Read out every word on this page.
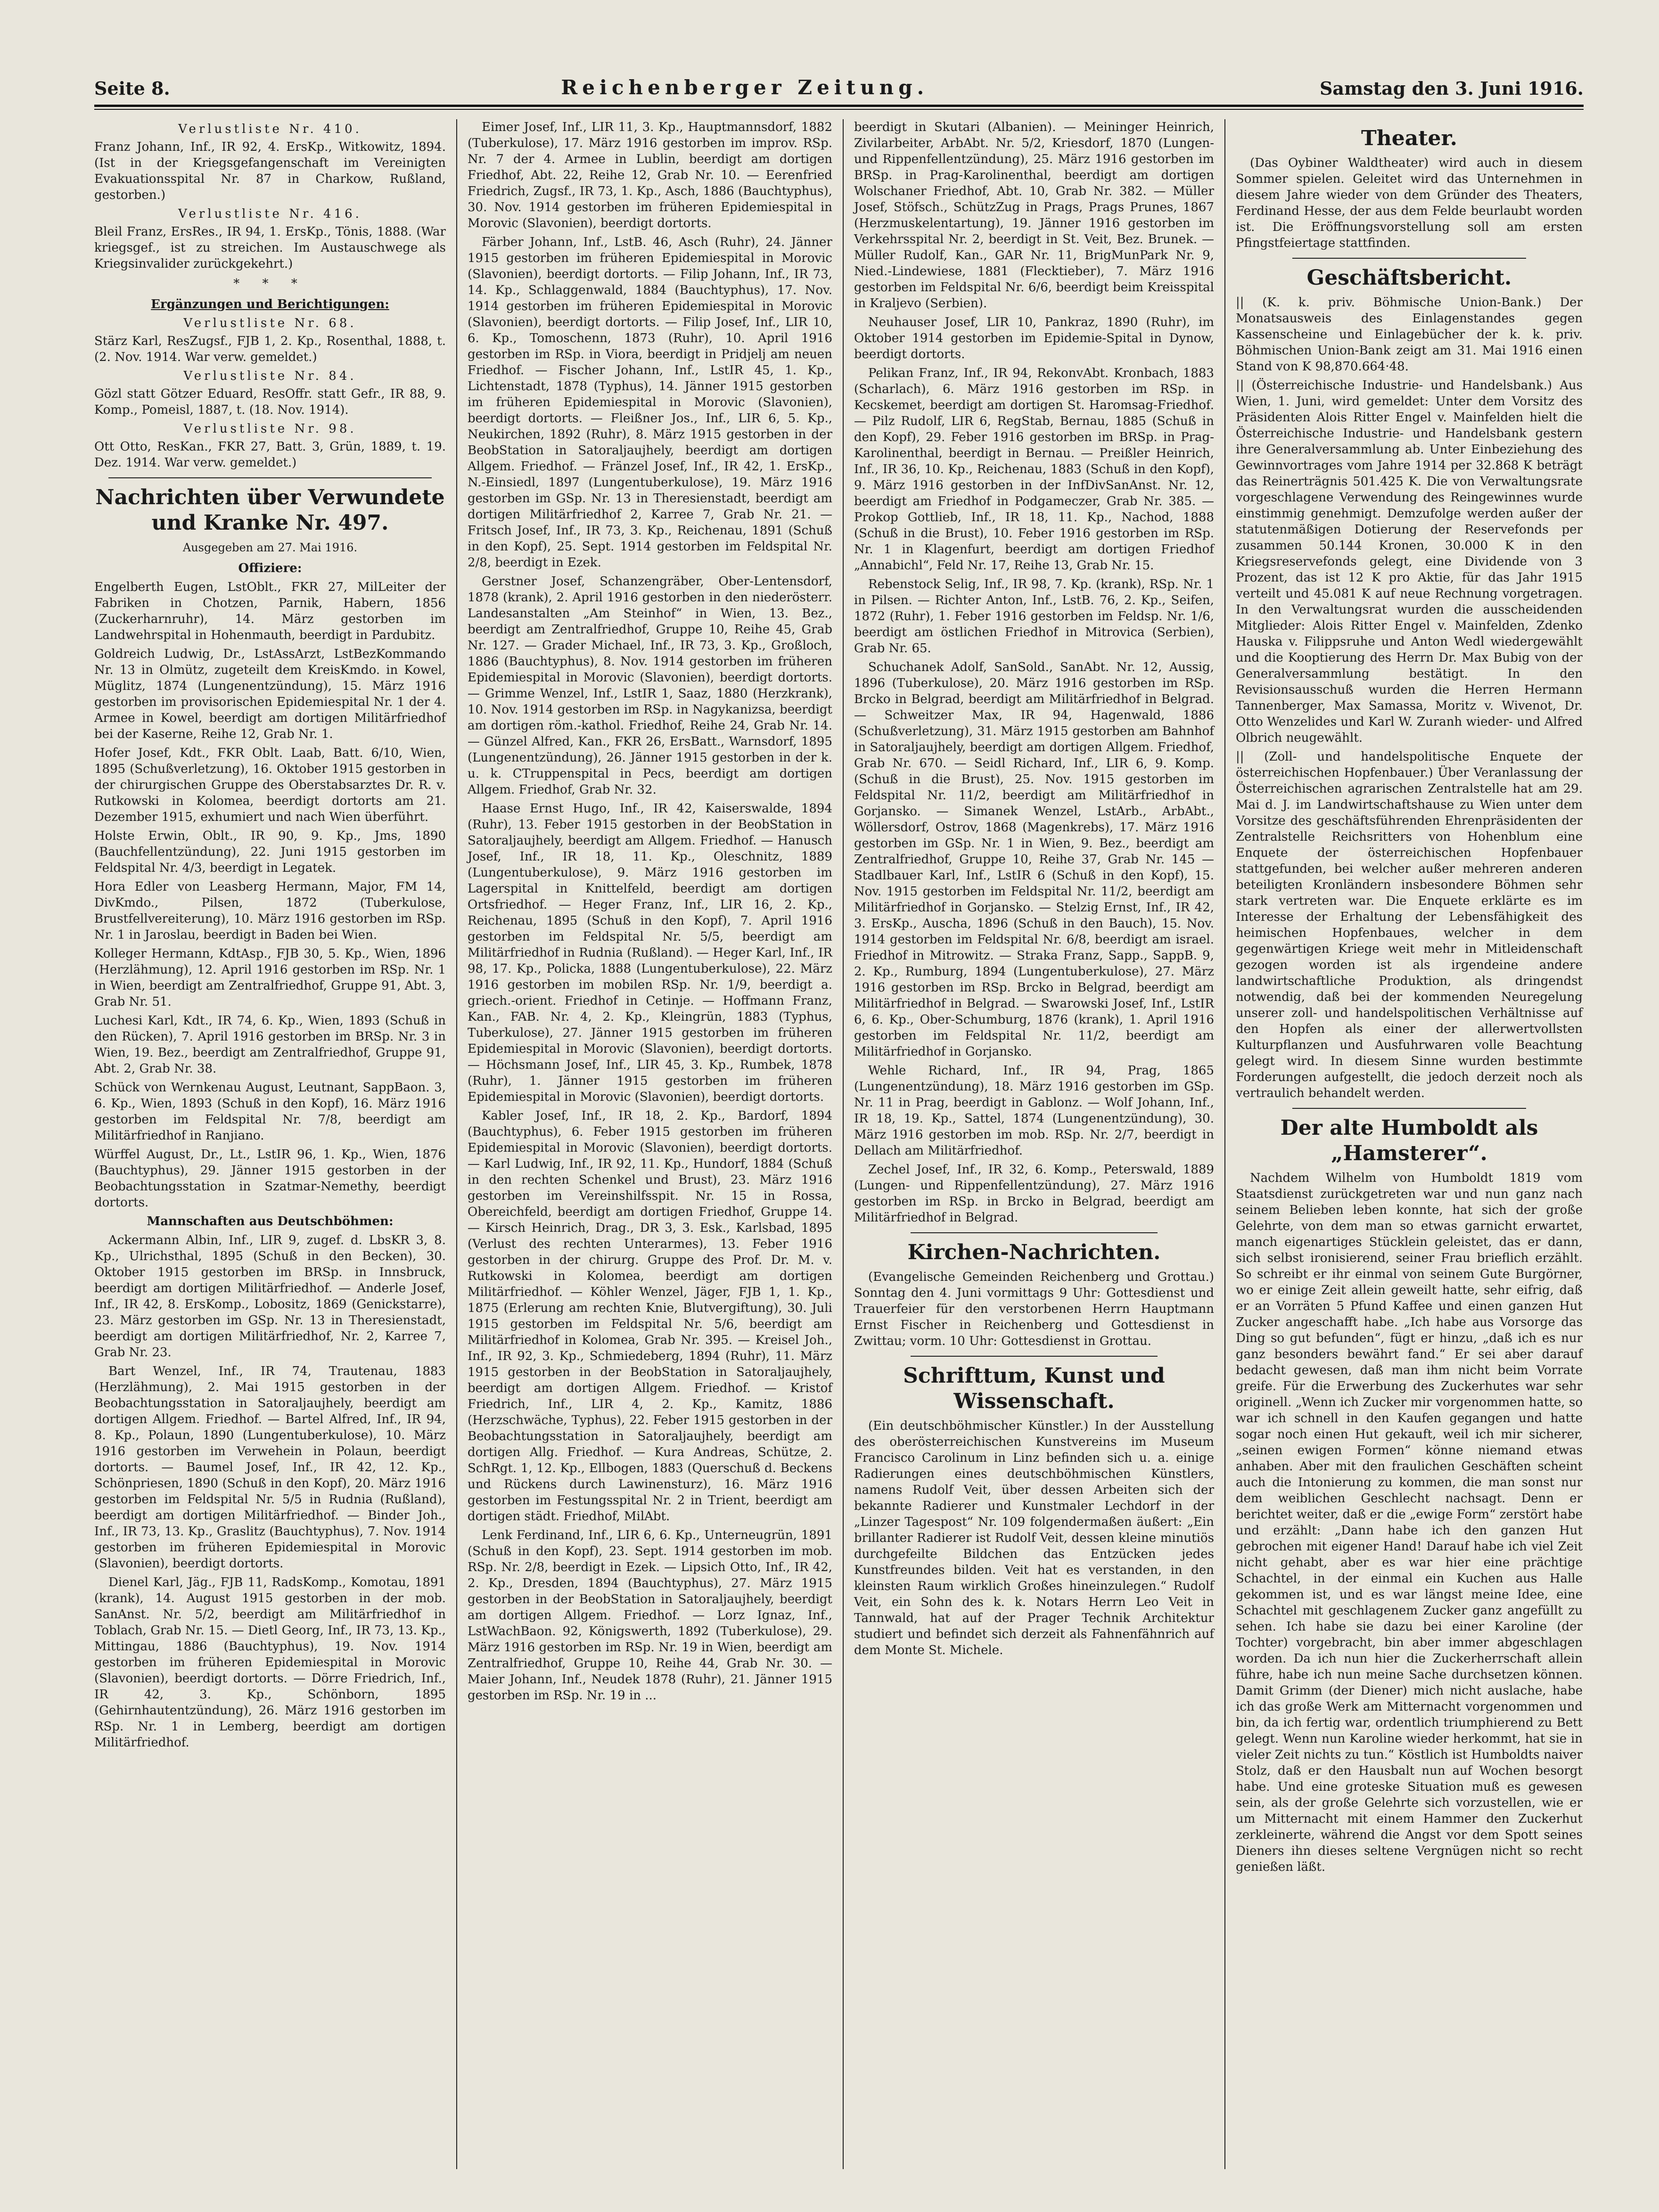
Seite 8.	Reichenberger Zeitung.	Samstag den 3. Juni 1916.

Verlustliste Nr. 410.

Franz Johann, Inf., IR 92, 4. ErsKp., Witkowitz, 1894. (Ist in der Kriegsgefangenschaft im Vereinigten Evakuationsspital Nr. 87 in Charkow, Rußland, gestorben.)

Verlustliste Nr. 416.

Bleil Franz, ErsRes., IR 94, 1. ErsKp., Tönis, 1888. (War kriegsgef., ist zu streichen. Im Austauschwege als Kriegsinvalider zurückgekehrt.)

* * *

Ergänzungen und Berichtigungen:

Verlustliste Nr. 68.

Stärz Karl, ResZugsf., FJB 1, 2. Kp., Rosenthal, 1888, t. (2. Nov. 1914. War verw. gemeldet.)

Verlustliste Nr. 84.

Gözl statt Götzer Eduard, ResOffr. statt Gefr., IR 88, 9. Komp., Pomeisl, 1887, t. (18. Nov. 1914).

Verlustliste Nr. 98.

Ott Otto, ResKan., FKR 27, Batt. 3, Grün, 1889, t. 19. Dez. 1914. War verw. gemeldet.)

Nachrichten über Verwundete und Kranke Nr. 497.

Ausgegeben am 27. Mai 1916.

Offiziere:

Engelberth Eugen, LstOblt., FKR 27, MilLeiter der Fabriken in Chotzen, Parnik, Habern, 1856 (Zuckerharnruhr), 14. März gestorben im Landwehrspital in Hohenmauth, beerdigt in Pardubitz.

Goldreich Ludwig, Dr., LstAssArzt, LstBezKommando Nr. 13 in Olmütz, zugeteilt dem KreisKmdo. in Kowel, Müglitz, 1874 (Lungenentzündung), 15. März 1916 gestorben im provisorischen Epidemiespital Nr. 1 der 4. Armee in Kowel, beerdigt am dortigen Militärfriedhof bei der Kaserne, Reihe 12, Grab Nr. 1.

Hofer Josef, Kdt., FKR Oblt. Laab, Batt. 6/10, Wien, 1895 (Schußverletzung), 16. Oktober 1915 gestorben in der chirurgischen Gruppe des Oberstabsarztes Dr. R. v. Rutkowski in Kolomea, beerdigt dortorts am 21. Dezember 1915, exhumiert und nach Wien überführt.

Holste Erwin, Oblt., IR 90, 9. Kp., Jms, 1890 (Bauchfellentzündung), 22. Juni 1915 gestorben im Feldspital Nr. 4/3, beerdigt in Legatek.

Hora Edler von Leasberg Hermann, Major, FM 14, DivKmdo., Pilsen, 1872 (Tuberkulose, Brustfellvereiterung), 10. März 1916 gestorben im RSp. Nr. 1 in Jaroslau, beerdigt in Baden bei Wien.

Kolleger Hermann, KdtAsp., FJB 30, 5. Kp., Wien, 1896 (Herzlähmung), 12. April 1916 gestorben im RSp. Nr. 1 in Wien, beerdigt am Zentralfriedhof, Gruppe 91, Abt. 3, Grab Nr. 51.

Luchesi Karl, Kdt., IR 74, 6. Kp., Wien, 1893 (Schuß in den Rücken), 7. April 1916 gestorben im BRSp. Nr. 3 in Wien, 19. Bez., beerdigt am Zentralfriedhof, Gruppe 91, Abt. 2, Grab Nr. 38.

Schück von Wernkenau August, Leutnant, SappBaon. 3, 6. Kp., Wien, 1893 (Schuß in den Kopf), 16. März 1916 gestorben im Feldspital Nr. 7/8, beerdigt am Militärfriedhof in Ranjiano.

Würffel August, Dr., Lt., LstIR 96, 1. Kp., Wien, 1876 (Bauchtyphus), 29. Jänner 1915 gestorben in der Beobachtungsstation in Szatmar-Nemethy, beerdigt dortorts.

Mannschaften aus Deutschböhmen:

Ackermann Albin, Inf., LIR 9, zugef. d. LbsKR 3, 8. Kp., Ulrichsthal, 1895 (Schuß in den Becken), 30. Oktober 1915 gestorben im BRSp. in Innsbruck, beerdigt am dortigen Militärfriedhof. — Anderle Josef, Inf., IR 42, 8. ErsKomp., Lobositz, 1869 (Genickstarre), 23. März gestorben im GSp. Nr. 13 in Theresienstadt, beerdigt am dortigen Militärfriedhof, Nr. 2, Karree 7, Grab Nr. 23.

Bart Wenzel, Inf., IR 74, Trautenau, 1883 (Herzlähmung), 2. Mai 1915 gestorben in der Beobachtungsstation in Satoraljaujhely, beerdigt am dortigen Allgem. Friedhof. — Bartel Alfred, Inf., IR 94, 8. Kp., Polaun, 1890 (Lungentuberkulose), 10. März 1916 gestorben im Verwehein in Polaun, beerdigt dortorts. — Baumel Josef, Inf., IR 42, 12. Kp., Schönpriesen, 1890 (Schuß in den Kopf), 20. März 1916 gestorben im Feldspital Nr. 5/5 in Rudnia (Rußland), beerdigt am dortigen Militärfriedhof. — Binder Joh., Inf., IR 73, 13. Kp., Graslitz (Bauchtyphus), 7. Nov. 1914 gestorben im früheren Epidemiespital in Morovic (Slavonien), beerdigt dortorts.

Dienel Karl, Jäg., FJB 11, RadsKomp., Komotau, 1891 (krank), 14. August 1915 gestorben in der mob. SanAnst. Nr. 5/2, beerdigt am Militärfriedhof in Toblach, Grab Nr. 15. — Dietl Georg, Inf., IR 73, 13. Kp., Mittingau, 1886 (Bauchtyphus), 19. Nov. 1914 gestorben im früheren Epidemiespital in Morovic (Slavonien), beerdigt dortorts. — Dörre Friedrich, Inf., IR 42, 3. Kp., Schönborn, 1895 (Gehirnhautentzündung), 26. März 1916 gestorben im RSp. Nr. 1 in Lemberg, beerdigt am dortigen Militärfriedhof.

Eimer Josef, Inf., LIR 11, 3. Kp., Hauptmannsdorf, 1882 (Tuberkulose), 17. März 1916 gestorben im improv. RSp. Nr. 7 der 4. Armee in Lublin, beerdigt am dortigen Friedhof, Abt. 22, Reihe 12, Grab Nr. 10. — Eerenfried Friedrich, Zugsf., IR 73, 1. Kp., Asch, 1886 (Bauchtyphus), 30. Nov. 1914 gestorben im früheren Epidemiespital in Morovic (Slavonien), beerdigt dortorts.

Färber Johann, Inf., LstB. 46, Asch (Ruhr), 24. Jänner 1915 gestorben im früheren Epidemiespital in Morovic (Slavonien), beerdigt dortorts. — Filip Johann, Inf., IR 73, 14. Kp., Schlaggenwald, 1884 (Bauchtyphus), 17. Nov. 1914 gestorben im früheren Epidemiespital in Morovic (Slavonien), beerdigt dortorts. — Filip Josef, Inf., LIR 10, 6. Kp., Tomoschenn, 1873 (Ruhr), 10. April 1916 gestorben im RSp. in Viora, beerdigt in Pridjelj am neuen Friedhof. — Fischer Johann, Inf., LstIR 45, 1. Kp., Lichtenstadt, 1878 (Typhus), 14. Jänner 1915 gestorben im früheren Epidemiespital in Morovic (Slavonien), beerdigt dortorts. — Fleißner Jos., Inf., LIR 6, 5. Kp., Neukirchen, 1892 (Ruhr), 8. März 1915 gestorben in der BeobStation in Satoraljaujhely, beerdigt am dortigen Allgem. Friedhof. — Fränzel Josef, Inf., IR 42, 1. ErsKp., N.-Einsiedl, 1897 (Lungentuberkulose), 19. März 1916 gestorben im GSp. Nr. 13 in Theresienstadt, beerdigt am dortigen Militärfriedhof 2, Karree 7, Grab Nr. 21. — Fritsch Josef, Inf., IR 73, 3. Kp., Reichenau, 1891 (Schuß in den Kopf), 25. Sept. 1914 gestorben im Feldspital Nr. 2/8, beerdigt in Ezek.

Gerstner Josef, Schanzengräber, Ober-Lentensdorf, 1878 (krank), 2. April 1916 gestorben in den niederösterr. Landesanstalten „Am Steinhof“ in Wien, 13. Bez., beerdigt am Zentralfriedhof, Gruppe 10, Reihe 45, Grab Nr. 127. — Grader Michael, Inf., IR 73, 3. Kp., Großloch, 1886 (Bauchtyphus), 8. Nov. 1914 gestorben im früheren Epidemiespital in Morovic (Slavonien), beerdigt dortorts. — Grimme Wenzel, Inf., LstIR 1, Saaz, 1880 (Herzkrank), 10. Nov. 1914 gestorben im RSp. in Nagykanizsa, beerdigt am dortigen röm.-kathol. Friedhof, Reihe 24, Grab Nr. 14. — Günzel Alfred, Kan., FKR 26, ErsBatt., Warnsdorf, 1895 (Lungenentzündung), 26. Jänner 1915 gestorben in der k. u. k. CTruppenspital in Pecs, beerdigt am dortigen Allgem. Friedhof, Grab Nr. 32.

Haase Ernst Hugo, Inf., IR 42, Kaiserswalde, 1894 (Ruhr), 13. Feber 1915 gestorben in der BeobStation in Satoraljaujhely, beerdigt am Allgem. Friedhof. — Hanusch Josef, Inf., IR 18, 11. Kp., Oleschnitz, 1889 (Lungentuberkulose), 9. März 1916 gestorben im Lagerspital in Knittelfeld, beerdigt am dortigen Ortsfriedhof. — Heger Franz, Inf., LIR 16, 2. Kp., Reichenau, 1895 (Schuß in den Kopf), 7. April 1916 gestorben im Feldspital Nr. 5/5, beerdigt am Militärfriedhof in Rudnia (Rußland). — Heger Karl, Inf., IR 98, 17. Kp., Policka, 1888 (Lungentuberkulose), 22. März 1916 gestorben im mobilen RSp. Nr. 1/9, beerdigt a. griech.-orient. Friedhof in Cetinje. — Hoffmann Franz, Kan., FAB. Nr. 4, 2. Kp., Kleingrün, 1883 (Typhus, Tuberkulose), 27. Jänner 1915 gestorben im früheren Epidemiespital in Morovic (Slavonien), beerdigt dortorts. — Höchsmann Josef, Inf., LIR 45, 3. Kp., Rumbek, 1878 (Ruhr), 1. Jänner 1915 gestorben im früheren Epidemiespital in Morovic (Slavonien), beerdigt dortorts.

Kabler Josef, Inf., IR 18, 2. Kp., Bardorf, 1894 (Bauchtyphus), 6. Feber 1915 gestorben im früheren Epidemiespital in Morovic (Slavonien), beerdigt dortorts. — Karl Ludwig, Inf., IR 92, 11. Kp., Hundorf, 1884 (Schuß in den rechten Schenkel und Brust), 23. März 1916 gestorben im Vereinshilfsspit. Nr. 15 in Rossa, Obereichfeld, beerdigt am dortigen Friedhof, Gruppe 14. — Kirsch Heinrich, Drag., DR 3, 3. Esk., Karlsbad, 1895 (Verlust des rechten Unterarmes), 13. Feber 1916 gestorben in der chirurg. Gruppe des Prof. Dr. M. v. Rutkowski in Kolomea, beerdigt am dortigen Militärfriedhof. — Köhler Wenzel, Jäger, FJB 1, 1. Kp., 1875 (Erlerung am rechten Knie, Blutvergiftung), 30. Juli 1915 gestorben im Feldspital Nr. 5/6, beerdigt am Militärfriedhof in Kolomea, Grab Nr. 395. — Kreisel Joh., Inf., IR 92, 3. Kp., Schmiedeberg, 1894 (Ruhr), 11. März 1915 gestorben in der BeobStation in Satoraljaujhely, beerdigt am dortigen Allgem. Friedhof. — Kristof Friedrich, Inf., LIR 4, 2. Kp., Kamitz, 1886 (Herzschwäche, Typhus), 22. Feber 1915 gestorben in der Beobachtungsstation in Satoraljaujhely, beerdigt am dortigen Allg. Friedhof. — Kura Andreas, Schütze, 2. SchRgt. 1, 12. Kp., Ellbogen, 1883 (Querschuß d. Beckens und Rückens durch Lawinensturz), 16. März 1916 gestorben im Festungsspital Nr. 2 in Trient, beerdigt am dortigen städt. Friedhof, MilAbt.

Lenk Ferdinand, Inf., LIR 6, 6. Kp., Unterneugrün, 1891 (Schuß in den Kopf), 23. Sept. 1914 gestorben im mob. RSp. Nr. 2/8, beerdigt in Ezek. — Lipsich Otto, Inf., IR 42, 2. Kp., Dresden, 1894 (Bauchtyphus), 27. März 1915 gestorben in der BeobStation in Satoraljaujhely, beerdigt am dortigen Allgem. Friedhof. — Lorz Ignaz, Inf., LstWachBaon. 92, Königswerth, 1892 (Tuberkulose), 29. März 1916 gestorben im RSp. Nr. 19 in Wien, beerdigt am Zentralfriedhof, Gruppe 10, Reihe 44, Grab Nr. 30. — Maier Johann, Inf., Neudek 1878 (Ruhr), 21. Jänner 1915 gestorben im RSp. Nr. 19 in ...

beerdigt in Skutari (Albanien). — Meininger Heinrich, Zivilarbeiter, ArbAbt. Nr. 5/2, Kriesdorf, 1870 (Lungen- und Rippenfellentzündung), 25. März 1916 gestorben im BRSp. in Prag-Karolinenthal, beerdigt am dortigen Wolschaner Friedhof, Abt. 10, Grab Nr. 382. — Müller Josef, Stöfsch., SchützZug in Prags, Prags Prunes, 1867 (Herzmuskelentartung), 19. Jänner 1916 gestorben im Verkehrsspital Nr. 2, beerdigt in St. Veit, Bez. Brunek. — Müller Rudolf, Kan., GAR Nr. 11, BrigMunPark Nr. 9, Nied.-Lindewiese, 1881 (Flecktieber), 7. März 1916 gestorben im Feldspital Nr. 6/6, beerdigt beim Kreisspital in Kraljevo (Serbien).

Neuhauser Josef, LIR 10, Pankraz, 1890 (Ruhr), im Oktober 1914 gestorben im Epidemie-Spital in Dynow, beerdigt dortorts.

Pelikan Franz, Inf., IR 94, RekonvAbt. Kronbach, 1883 (Scharlach), 6. März 1916 gestorben im RSp. in Kecskemet, beerdigt am dortigen St. Haromsag-Friedhof. — Pilz Rudolf, LIR 6, RegStab, Bernau, 1885 (Schuß in den Kopf), 29. Feber 1916 gestorben im BRSp. in Prag-Karolinenthal, beerdigt in Bernau. — Preißler Heinrich, Inf., IR 36, 10. Kp., Reichenau, 1883 (Schuß in den Kopf), 9. März 1916 gestorben in der InfDivSanAnst. Nr. 12, beerdigt am Friedhof in Podgameczer, Grab Nr. 385. — Prokop Gottlieb, Inf., IR 18, 11. Kp., Nachod, 1888 (Schuß in die Brust), 10. Feber 1916 gestorben im RSp. Nr. 1 in Klagenfurt, beerdigt am dortigen Friedhof „Annabichl“, Feld Nr. 17, Reihe 13, Grab Nr. 15.

Rebenstock Selig, Inf., IR 98, 7. Kp. (krank), RSp. Nr. 1 in Pilsen. — Richter Anton, Inf., LstB. 76, 2. Kp., Seifen, 1872 (Ruhr), 1. Feber 1916 gestorben im Feldsp. Nr. 1/6, beerdigt am östlichen Friedhof in Mitrovica (Serbien), Grab Nr. 65.

Schuchanek Adolf, SanSold., SanAbt. Nr. 12, Aussig, 1896 (Tuberkulose), 20. März 1916 gestorben im RSp. Brcko in Belgrad, beerdigt am Militärfriedhof in Belgrad. — Schweitzer Max, IR 94, Hagenwald, 1886 (Schußverletzung), 31. März 1915 gestorben am Bahnhof in Satoraljaujhely, beerdigt am dortigen Allgem. Friedhof, Grab Nr. 670. — Seidl Richard, Inf., LIR 6, 9. Komp. (Schuß in die Brust), 25. Nov. 1915 gestorben im Feldspital Nr. 11/2, beerdigt am Militärfriedhof in Gorjansko. — Simanek Wenzel, LstArb., ArbAbt., Wöllersdorf, Ostrov, 1868 (Magenkrebs), 17. März 1916 gestorben im GSp. Nr. 1 in Wien, 9. Bez., beerdigt am Zentralfriedhof, Gruppe 10, Reihe 37, Grab Nr. 145 — Stadlbauer Karl, Inf., LstIR 6 (Schuß in den Kopf), 15. Nov. 1915 gestorben im Feldspital Nr. 11/2, beerdigt am Militärfriedhof in Gorjansko. — Stelzig Ernst, Inf., IR 42, 3. ErsKp., Auscha, 1896 (Schuß in den Bauch), 15. Nov. 1914 gestorben im Feldspital Nr. 6/8, beerdigt am israel. Friedhof in Mitrowitz. — Straka Franz, Sapp., SappB. 9, 2. Kp., Rumburg, 1894 (Lungentuberkulose), 27. März 1916 gestorben im RSp. Brcko in Belgrad, beerdigt am Militärfriedhof in Belgrad. — Swarowski Josef, Inf., LstIR 6, 6. Kp., Ober-Schumburg, 1876 (krank), 1. April 1916 gestorben im Feldspital Nr. 11/2, beerdigt am Militärfriedhof in Gorjansko.

Wehle Richard, Inf., IR 94, Prag, 1865 (Lungenentzündung), 18. März 1916 gestorben im GSp. Nr. 11 in Prag, beerdigt in Gablonz. — Wolf Johann, Inf., IR 18, 19. Kp., Sattel, 1874 (Lungenentzündung), 30. März 1916 gestorben im mob. RSp. Nr. 2/7, beerdigt in Dellach am Militärfriedhof.

Zechel Josef, Inf., IR 32, 6. Komp., Peterswald, 1889 (Lungen- und Rippenfellentzündung), 27. März 1916 gestorben im RSp. in Brcko in Belgrad, beerdigt am Militärfriedhof in Belgrad.

Kirchen-Nachrichten.

(Evangelische Gemeinden Reichenberg und Grottau.) Sonntag den 4. Juni vormittags 9 Uhr: Gottesdienst und Trauerfeier für den verstorbenen Herrn Hauptmann Ernst Fischer in Reichenberg und Gottesdienst in Zwittau; vorm. 10 Uhr: Gottesdienst in Grottau.

Schrifttum, Kunst und Wissenschaft.

(Ein deutschböhmischer Künstler.) In der Ausstellung des oberösterreichischen Kunstvereins im Museum Francisco Carolinum in Linz befinden sich u. a. einige Radierungen eines deutschböhmischen Künstlers, namens Rudolf Veit, über dessen Arbeiten sich der bekannte Radierer und Kunstmaler Lechdorf in der „Linzer Tagespost“ Nr. 109 folgendermaßen äußert: „Ein brillanter Radierer ist Rudolf Veit, dessen kleine minutiös durchgefeilte Bildchen das Entzücken jedes Kunstfreundes bilden. Veit hat es verstanden, in den kleinsten Raum wirklich Großes hineinzulegen.“ Rudolf Veit, ein Sohn des k. k. Notars Herrn Leo Veit in Tannwald, hat auf der Prager Technik Architektur studiert und befindet sich derzeit als Fahnenfähnrich auf dem Monte St. Michele.

Theater.

(Das Oybiner Waldtheater) wird auch in diesem Sommer spielen. Geleitet wird das Unternehmen in diesem Jahre wieder von dem Gründer des Theaters, Ferdinand Hesse, der aus dem Felde beurlaubt worden ist. Die Eröffnungsvorstellung soll am ersten Pfingstfeiertage stattfinden.

Geschäftsbericht.

|| (K. k. priv. Böhmische Union-Bank.) Der Monatsausweis des Einlagenstandes gegen Kassenscheine und Einlagebücher der k. k. priv. Böhmischen Union-Bank zeigt am 31. Mai 1916 einen Stand von K 98,870.664·48.

|| (Österreichische Industrie- und Handelsbank.) Aus Wien, 1. Juni, wird gemeldet: Unter dem Vorsitz des Präsidenten Alois Ritter Engel v. Mainfelden hielt die Österreichische Industrie- und Handelsbank gestern ihre Generalversammlung ab. Unter Einbeziehung des Gewinnvortrages vom Jahre 1914 per 32.868 K beträgt das Reinerträgnis 501.425 K. Die von Verwaltungsrate vorgeschlagene Verwendung des Reingewinnes wurde einstimmig genehmigt. Demzufolge werden außer der statutenmäßigen Dotierung der Reservefonds per zusammen 50.144 Kronen, 30.000 K in den Kriegsreservefonds gelegt, eine Dividende von 3 Prozent, das ist 12 K pro Aktie, für das Jahr 1915 verteilt und 45.081 K auf neue Rechnung vorgetragen. In den Verwaltungsrat wurden die ausscheidenden Mitglieder: Alois Ritter Engel v. Mainfelden, Zdenko Hauska v. Filippsruhe und Anton Wedl wiedergewählt und die Kooptierung des Herrn Dr. Max Bubig von der Generalversammlung bestätigt. In den Revisionsausschuß wurden die Herren Hermann Tannenberger, Max Samassa, Moritz v. Wivenot, Dr. Otto Wenzelides und Karl W. Zuranh wieder- und Alfred Olbrich neugewählt.

|| (Zoll- und handelspolitische Enquete der österreichischen Hopfenbauer.) Über Veranlassung der Österreichischen agrarischen Zentralstelle hat am 29. Mai d. J. im Landwirtschaftshause zu Wien unter dem Vorsitze des geschäftsführenden Ehrenpräsidenten der Zentralstelle Reichsritters von Hohenblum eine Enquete der österreichischen Hopfenbauer stattgefunden, bei welcher außer mehreren anderen beteiligten Kronländern insbesondere Böhmen sehr stark vertreten war. Die Enquete erklärte es im Interesse der Erhaltung der Lebensfähigkeit des heimischen Hopfenbaues, welcher in dem gegenwärtigen Kriege weit mehr in Mitleidenschaft gezogen worden ist als irgendeine andere landwirtschaftliche Produktion, als dringendst notwendig, daß bei der kommenden Neuregelung unserer zoll- und handelspolitischen Verhältnisse auf den Hopfen als einer der allerwertvollsten Kulturpflanzen und Ausfuhrwaren volle Beachtung gelegt wird. In diesem Sinne wurden bestimmte Forderungen aufgestellt, die jedoch derzeit noch als vertraulich behandelt werden.

Der alte Humboldt als „Hamsterer“.

Nachdem Wilhelm von Humboldt 1819 vom Staatsdienst zurückgetreten war und nun ganz nach seinem Belieben leben konnte, hat sich der große Gelehrte, von dem man so etwas garnicht erwartet, manch eigenartiges Stücklein geleistet, das er dann, sich selbst ironisierend, seiner Frau brieflich erzählt. So schreibt er ihr einmal von seinem Gute Burgörner, wo er einige Zeit allein geweilt hatte, sehr eifrig, daß er an Vorräten 5 Pfund Kaffee und einen ganzen Hut Zucker angeschafft habe. „Ich habe aus Vorsorge das Ding so gut befunden“, fügt er hinzu, „daß ich es nur ganz besonders bewährt fand.“ Er sei aber darauf bedacht gewesen, daß man ihm nicht beim Vorrate greife. Für die Erwerbung des Zuckerhutes war sehr originell. „Wenn ich Zucker mir vorgenommen hatte, so war ich schnell in den Kaufen gegangen und hatte sogar noch einen Hut gekauft, weil ich mir sicherer, „seinen ewigen Formen“ könne niemand etwas anhaben. Aber mit den fraulichen Geschäften scheint auch die Intonierung zu kommen, die man sonst nur dem weiblichen Geschlecht nachsagt. Denn er berichtet weiter, daß er die „ewige Form“ zerstört habe und erzählt: „Dann habe ich den ganzen Hut gebrochen mit eigener Hand! Darauf habe ich viel Zeit nicht gehabt, aber es war hier eine prächtige Schachtel, in der einmal ein Kuchen aus Halle gekommen ist, und es war längst meine Idee, eine Schachtel mit geschlagenem Zucker ganz angefüllt zu sehen. Ich habe sie dazu bei einer Karoline (der Tochter) vorgebracht, bin aber immer abgeschlagen worden. Da ich nun hier die Zuckerherrschaft allein führe, habe ich nun meine Sache durchsetzen können. Damit Grimm (der Diener) mich nicht auslache, habe ich das große Werk am Mitternacht vorgenommen und bin, da ich fertig war, ordentlich triumphierend zu Bett gelegt. Wenn nun Karoline wieder herkommt, hat sie in vieler Zeit nichts zu tun.“ Köstlich ist Humboldts naiver Stolz, daß er den Hausbalt nun auf Wochen besorgt habe. Und eine groteske Situation muß es gewesen sein, als der große Gelehrte sich vorzustellen, wie er um Mitternacht mit einem Hammer den Zuckerhut zerkleinerte, während die Angst vor dem Spott seines Dieners ihn dieses seltene Vergnügen nicht so recht genießen läßt.
